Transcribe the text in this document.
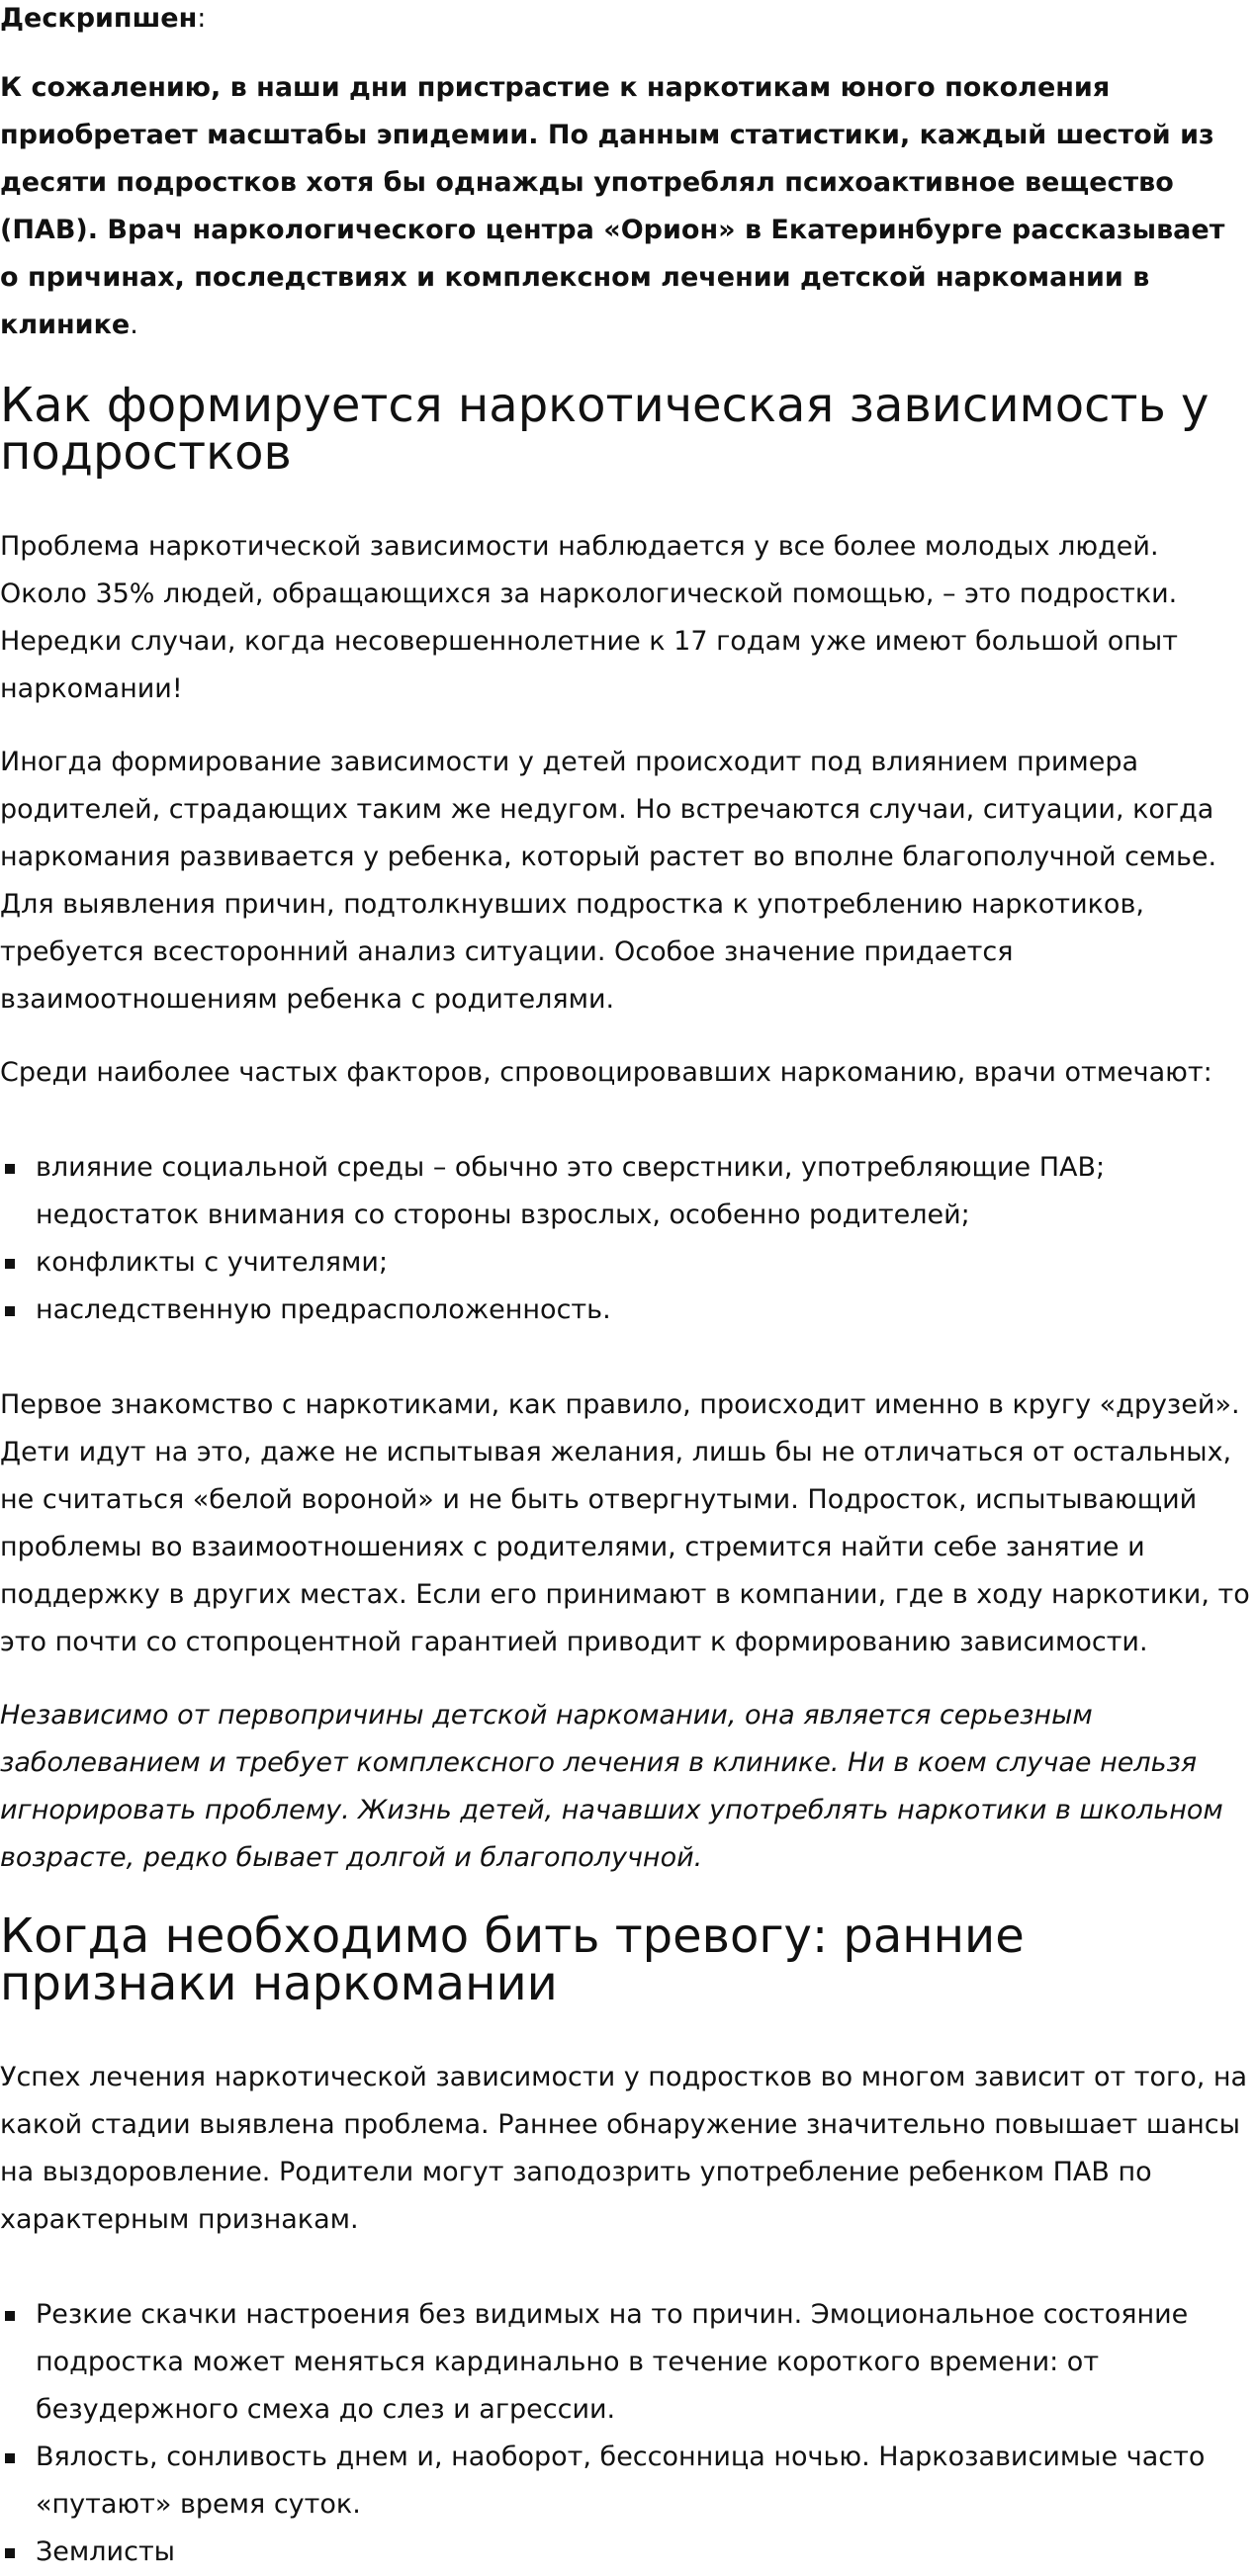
Дескрипшен:

К сожалению, в наши дни пристрастие к наркотикам юного поколения приобретает масштабы эпидемии. По данным статистики, каждый шестой из десяти подростков хотя бы однажды употреблял психоактивное вещество (ПАВ). Врач наркологического центра «Орион» в Екатеринбурге рассказывает о причинах, последствиях и комплексном лечении детской наркомании в клинике.

Как формируется наркотическая зависимость у подростков

Проблема наркотической зависимости наблюдается у все более молодых людей. Около 35% людей, обращающихся за наркологической помощью, – это подростки. Нередки случаи, когда несовершеннолетние к 17 годам уже имеют большой опыт наркомании!

Иногда формирование зависимости у детей происходит под влиянием примера родителей, страдающих таким же недугом. Но встречаются случаи, ситуации, когда наркомания развивается у ребенка, который растет во вполне благополучной семье. Для выявления причин, подтолкнувших подростка к употреблению наркотиков, требуется всесторонний анализ ситуации. Особое значение придается взаимоотношениям ребенка с родителями.

Среди наиболее частых факторов, спровоцировавших наркоманию, врачи отмечают:

влияние социальной среды – обычно это сверстники, употребляющие ПАВ; недостаток внимания со стороны взрослых, особенно родителей;
конфликты с учителями;
наследственную предрасположенность.

Первое знакомство с наркотиками, как правило, происходит именно в кругу «друзей». Дети идут на это, даже не испытывая желания, лишь бы не отличаться от остальных, не считаться «белой вороной» и не быть отвергнутыми. Подросток, испытывающий проблемы во взаимоотношениях с родителями, стремится найти себе занятие и поддержку в других местах. Если его принимают в компании, где в ходу наркотики, то это почти со стопроцентной гарантией приводит к формированию зависимости.

Независимо от первопричины детской наркомании, она является серьезным заболеванием и требует комплексного лечения в клинике. Ни в коем случае нельзя игнорировать проблему. Жизнь детей, начавших употреблять наркотики в школьном возрасте, редко бывает долгой и благополучной.

Когда необходимо бить тревогу: ранние признаки наркомании

Успех лечения наркотической зависимости у подростков во многом зависит от того, на какой стадии выявлена проблема. Раннее обнаружение значительно повышает шансы на выздоровление. Родители могут заподозрить употребление ребенком ПАВ по характерным признакам.

Резкие скачки настроения без видимых на то причин. Эмоциональное состояние подростка может меняться кардинально в течение короткого времени: от безудержного смеха до слез и агрессии.
Вялость, сонливость днем и, наоборот, бессонница ночью. Наркозависимые часто «путают» время суток.
Землисты
